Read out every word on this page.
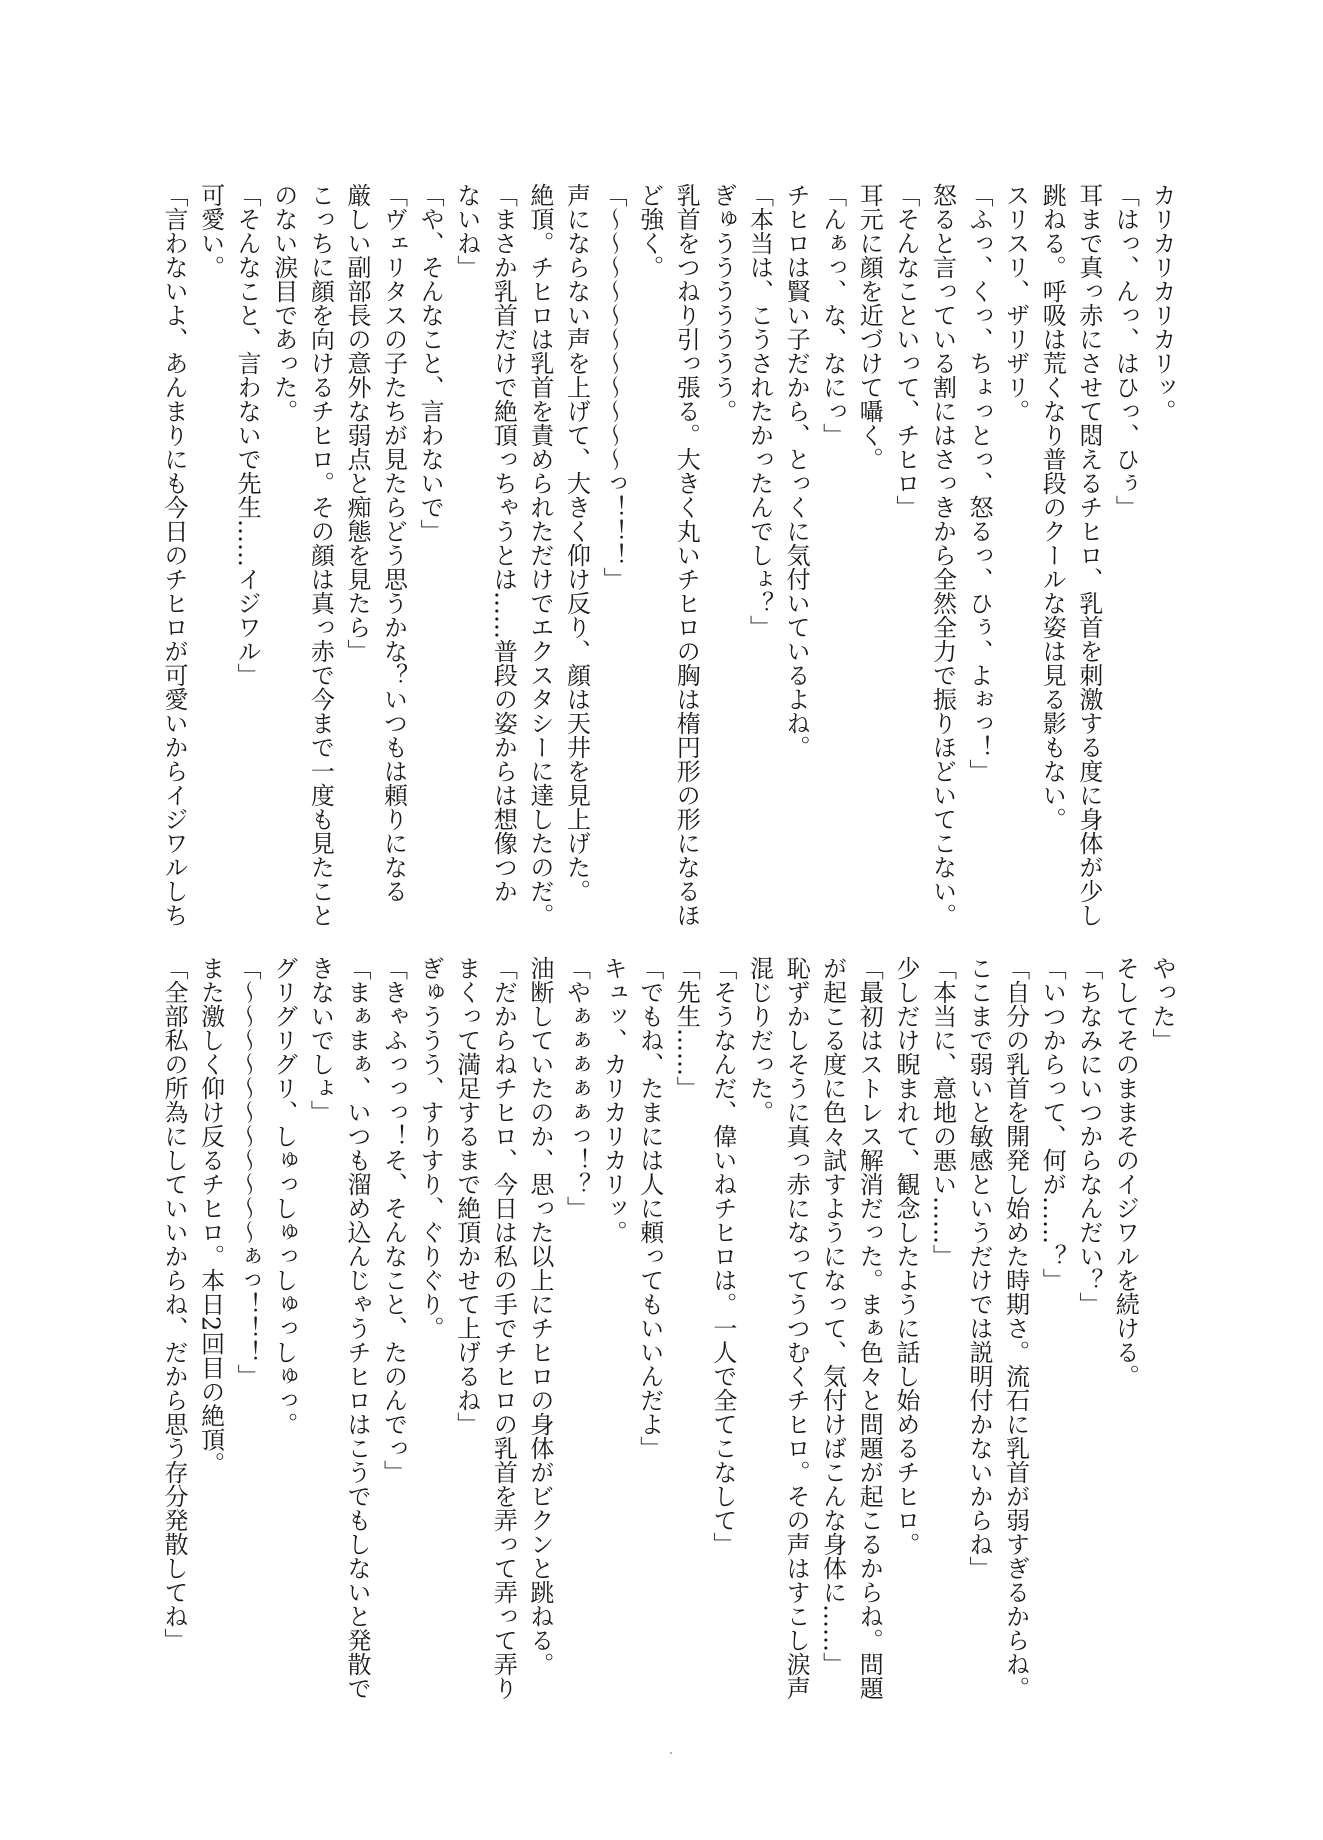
カリカリカリカリッ。
「はっ、んっ、はひっ、ひぅ」
耳まで真っ赤にさせて悶えるチヒロ、乳首を刺激する度に身体が少し
跳ねる。呼吸は荒くなり普段のクールな姿は見る影もない。
スリスリ、ザリザリ。
「ふっ、くっ、ちょっとっ、怒るっ、ひぅ、よぉっ！」
怒ると言っている割にはさっきから全然全力で振りほどいてこない。
「そんなこといって、チヒロ」
耳元に顔を近づけて囁く。
「んぁっ、な、なにっ」
チヒロは賢い子だから、とっくに気付いているよね。
「本当は、こうされたかったんでしょ？」
ぎゅううううううう。
乳首をつねり引っ張る。大きく丸いチヒロの胸は楕円形の形になるほ
ど強く。
「〜〜〜〜〜〜〜〜〜〜〜っ！！！」
声にならない声を上げて、大きく仰け反り、顔は天井を見上げた。
絶頂。チヒロは乳首を責められただけでエクスタシーに達したのだ。
「まさか乳首だけで絶頂っちゃうとは……普段の姿からは想像つか
ないね」
「や、そんなこと、言わないで」
「ヴェリタスの子たちが見たらどう思うかな？いつもは頼りになる
厳しい副部長の意外な弱点と痴態を見たら」
こっちに顔を向けるチヒロ。その顔は真っ赤で今まで一度も見たこと
のない涙目であった。
「そんなこと、言わないで先生……イジワル」
可愛い。
「言わないよ、あんまりにも今日のチヒロが可愛いからイジワルしち
やった」
そしてそのままそのイジワルを続ける。
「ちなみにいつからなんだい？」
「いつからって、何が……？」
「自分の乳首を開発し始めた時期さ。流石に乳首が弱すぎるからね。
ここまで弱いと敏感というだけでは説明付かないからね」
「本当に、意地の悪い……」
少しだけ睨まれて、観念したように話し始めるチヒロ。
「最初はストレス解消だった。まぁ色々と問題が起こるからね。問題
が起こる度に色々試すようになって、気付けばこんな身体に……」
恥ずかしそうに真っ赤になってうつむくチヒロ。その声はすこし涙声
混じりだった。
「そうなんだ、偉いねチヒロは。一人で全てこなして」
「先生……」
「でもね、たまには人に頼ってもいいんだよ」
キュッ、カリカリカリッ。
「やぁぁぁぁぁっ！？」
油断していたのか、思った以上にチヒロの身体がビクンと跳ねる。
「だからねチヒロ、今日は私の手でチヒロの乳首を弄って弄って弄り
まくって満足するまで絶頂かせて上げるね」
ぎゅううう、すりすり、ぐりぐり。
「きゃふっっっ！そ、そんなこと、たのんでっ」
「まぁまぁ、いつも溜め込んじゃうチヒロはこうでもしないと発散で
きないでしょ」
グリグリグリ、しゅっしゅっしゅっしゅっ。
「〜〜〜〜〜〜〜〜〜〜〜ぁっ！！！」
また激しく仰け反るチヒロ。本日2回目の絶頂。
「全部私の所為にしていいからね、だから思う存分発散してね」
